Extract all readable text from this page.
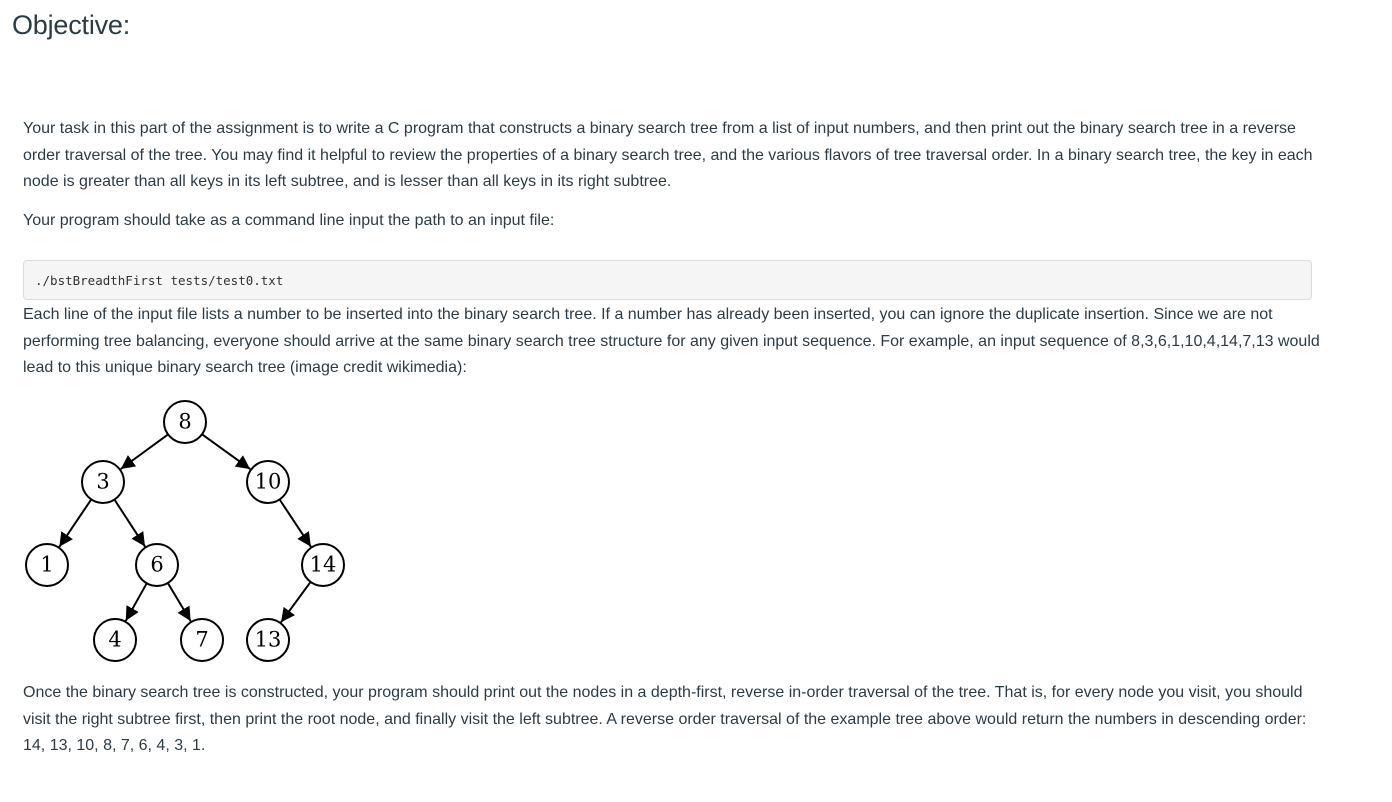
Objective:

Your task in this part of the assignment is to write a C program that constructs a binary search tree from a list of input numbers, and then print out the binary search tree in a reverse order traversal of the tree. You may find it helpful to review the properties of a binary search tree, and the various flavors of tree traversal order. In a binary search tree, the key in each node is greater than all keys in its left subtree, and is lesser than all keys in its right subtree.

Your program should take as a command line input the path to an input file:

./bstBreadthFirst tests/test0.txt

Each line of the input file lists a number to be inserted into the binary search tree. If a number has already been inserted, you can ignore the duplicate insertion. Since we are not performing tree balancing, everyone should arrive at the same binary search tree structure for any given input sequence. For example, an input sequence of 8,3,6,1,10,4,14,7,13 would lead to this unique binary search tree (image credit wikimedia):

8
3	10
1	6	14
4	7 13

Once the binary search tree is constructed, your program should print out the nodes in a depth-first, reverse in-order traversal of the tree. That is, for every node you visit, you should visit the right subtree first, then print the root node, and finally visit the left subtree. A reverse order traversal of the example tree above would return the numbers in descending order: 14, 13, 10, 8, 7, 6, 4, 3, 1.
